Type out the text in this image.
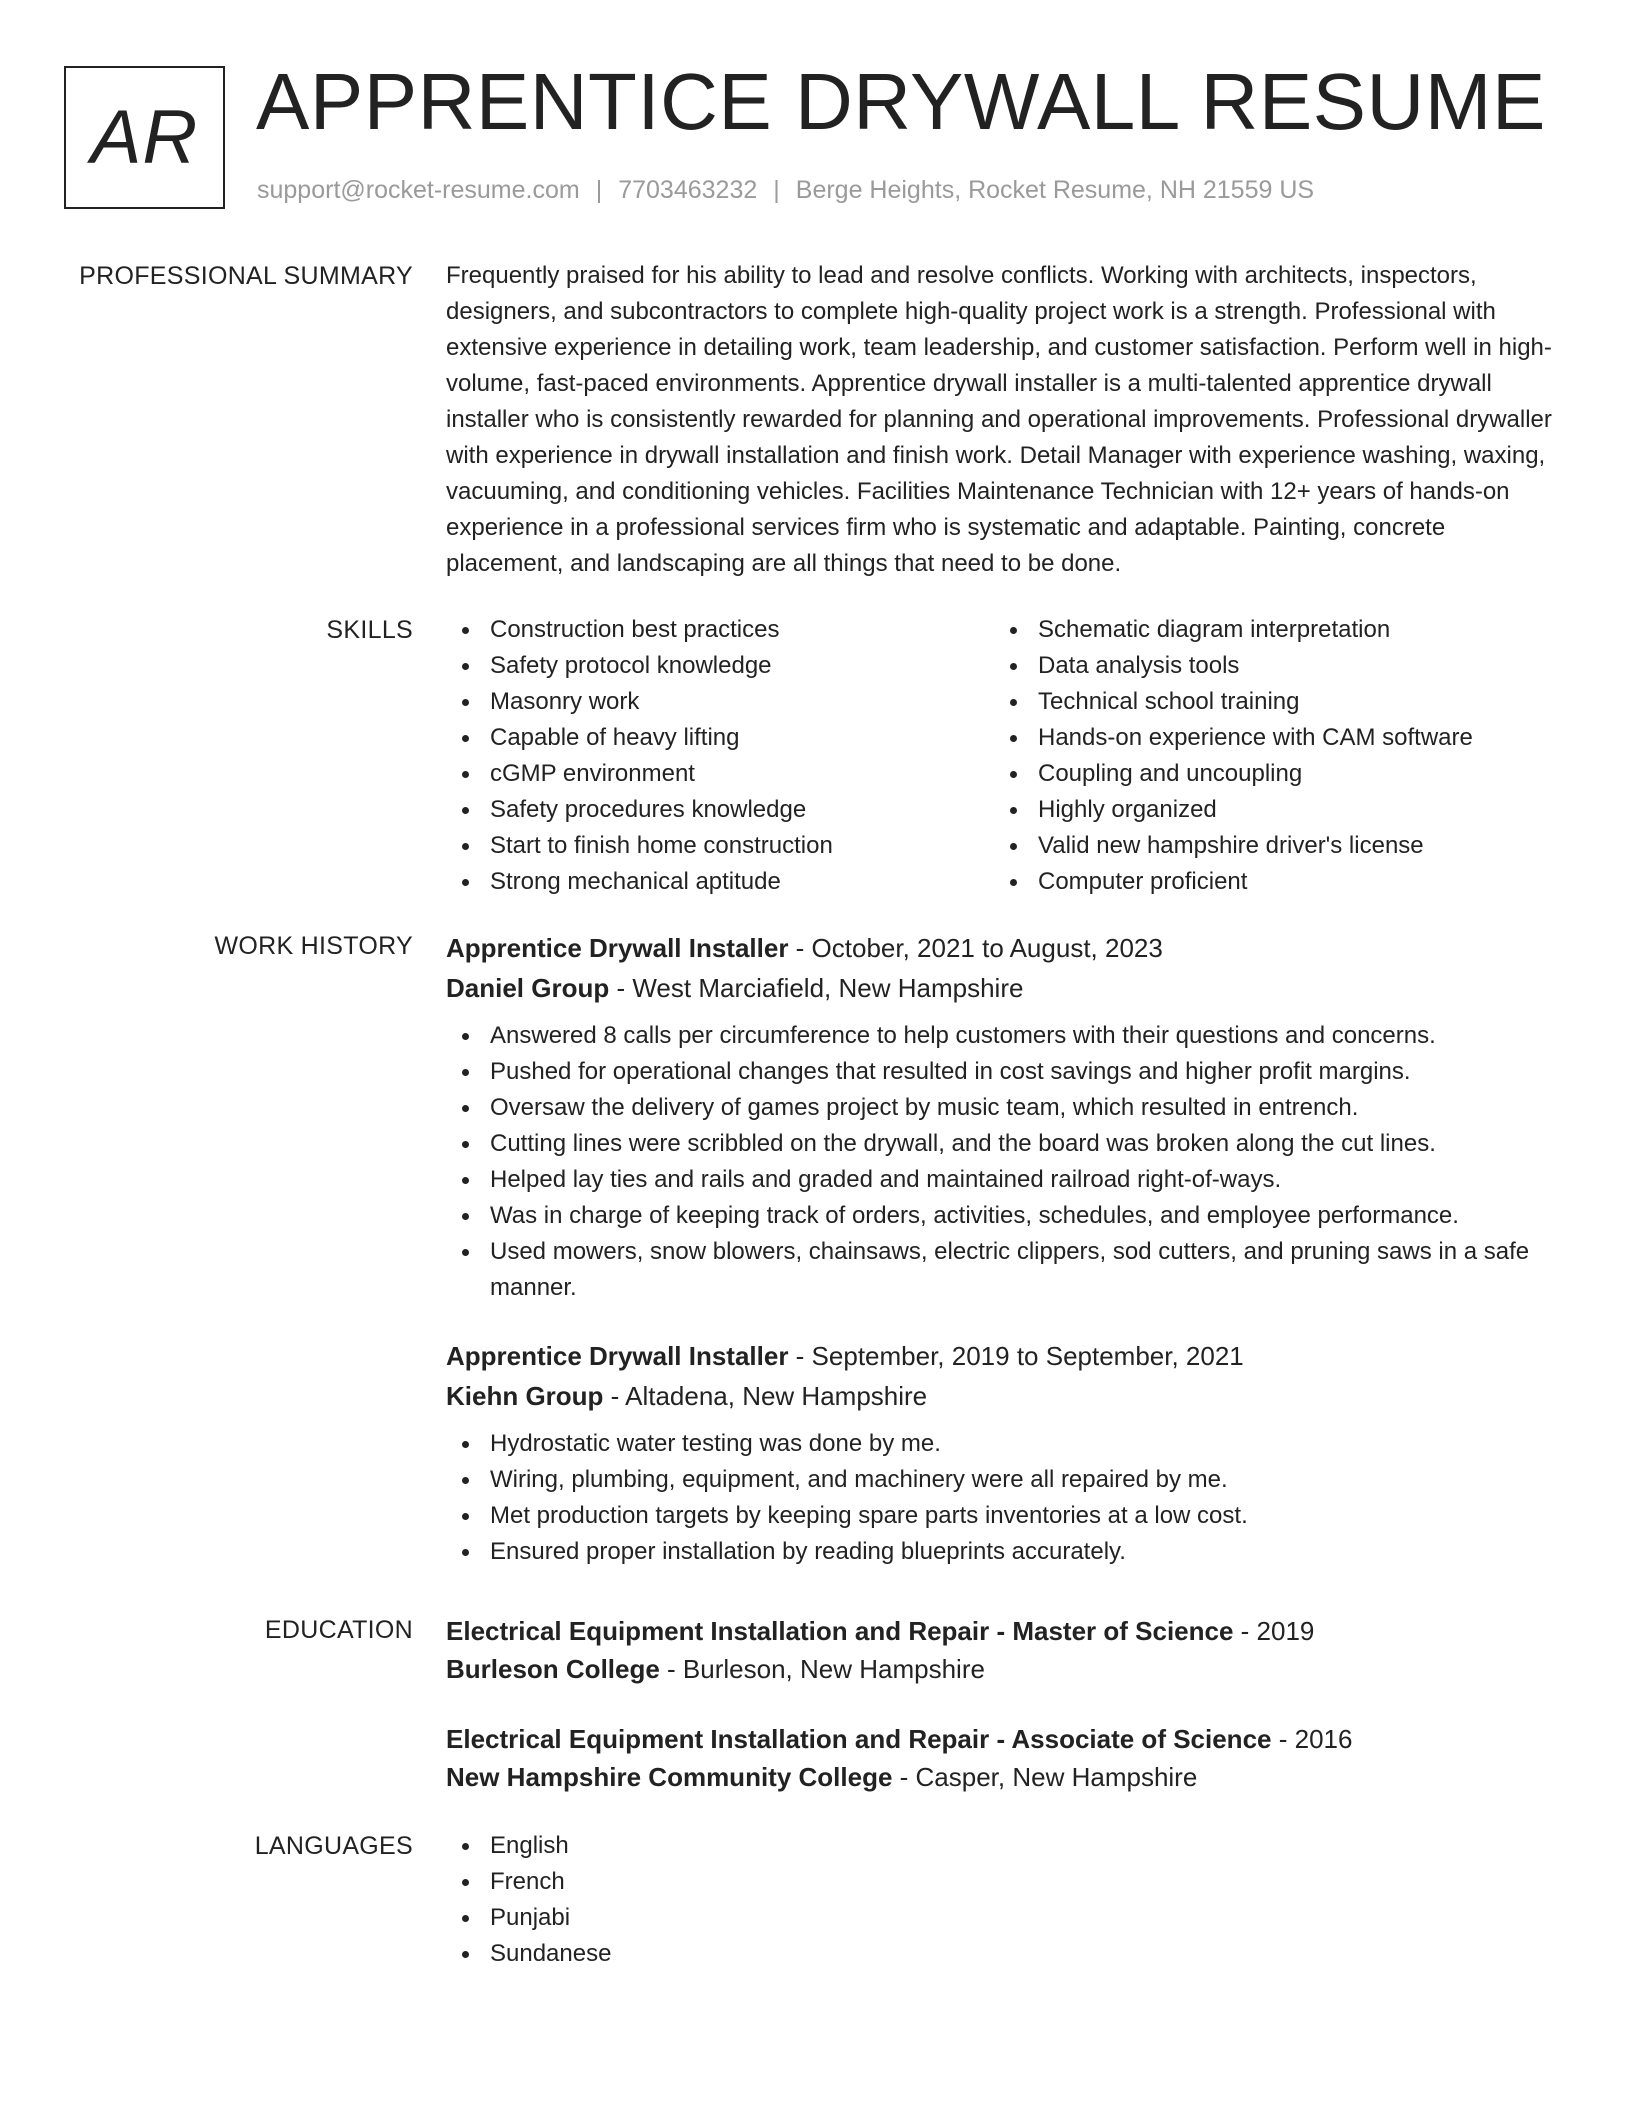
AR APPRENTICE DRYWALL RESUME
support@rocket-resume.com | 7703463232 | Berge Heights, Rocket Resume, NH 21559 US
PROFESSIONAL SUMMARY Frequently praised for his ability to lead and resolve conflicts. Working with architects, inspectors, designers, and subcontractors to complete high-quality project work is a strength. Professional with extensive experience in detailing work, team leadership, and customer satisfaction. Perform well in high-volume, fast-paced environments. Apprentice drywall installer is a multi-talented apprentice drywall installer who is consistently rewarded for planning and operational improvements. Professional drywaller with experience in drywall installation and finish work. Detail Manager with experience washing, waxing, vacuuming, and conditioning vehicles. Facilities Maintenance Technician with 12+ years of hands-on experience in a professional services firm who is systematic and adaptable. Painting, concrete placement, and landscaping are all things that need to be done.

SKILLS	Construction best practices
Safety protocol knowledge
Masonry work
Capable of heavy lifting
cGMP environment
Safety procedures knowledge
Start to finish home construction
Strong mechanical aptitude
Schematic diagram interpretation
Data analysis tools
Technical school training
Hands-on experience with CAM software
Coupling and uncoupling
Highly organized
Valid new hampshire driver's license
Computer proficient
WORK HISTORY Apprentice Drywall Installer - October, 2021 to August, 2023
Daniel Group - West Marciafield, New Hampshire
Answered 8 calls per circumference to help customers with their questions and concerns.
Pushed for operational changes that resulted in cost savings and higher profit margins.
Oversaw the delivery of games project by music team, which resulted in entrench.
Cutting lines were scribbled on the drywall, and the board was broken along the cut lines.
Helped lay ties and rails and graded and maintained railroad right-of-ways.
Was in charge of keeping track of orders, activities, schedules, and employee performance.
Used mowers, snow blowers, chainsaws, electric clippers, sod cutters, and pruning saws in a safe manner.
Apprentice Drywall Installer - September, 2019 to September, 2021
Kiehn Group - Altadena, New Hampshire
Hydrostatic water testing was done by me.
Wiring, plumbing, equipment, and machinery were all repaired by me.
Met production targets by keeping spare parts inventories at a low cost.
Ensured proper installation by reading blueprints accurately.
EDUCATION Electrical Equipment Installation and Repair - Master of Science - 2019
Burleson College - Burleson, New Hampshire
Electrical Equipment Installation and Repair - Associate of Science - 2016
New Hampshire Community College - Casper, New Hampshire
LANGUAGES	English
French
Punjabi
Sundanese
